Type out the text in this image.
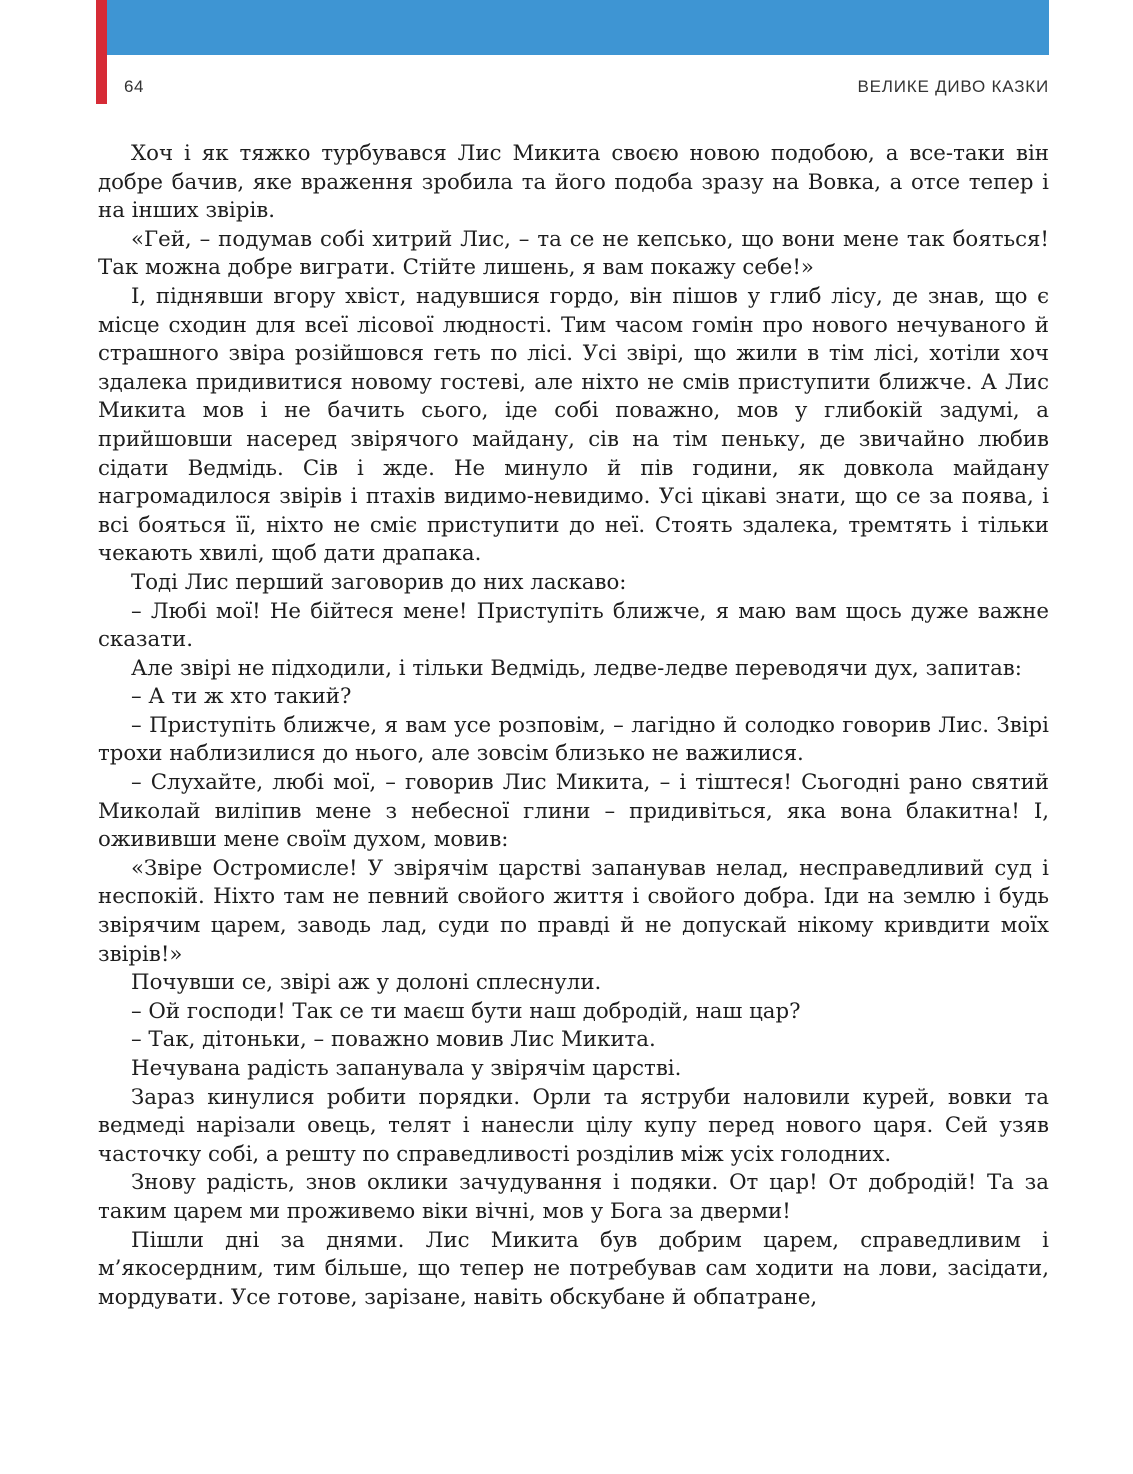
64	ВЕЛИКЕ ДИВО КАЗКИ

Хоч і як тяжко турбувався Лис Микита своєю новою подобою, а все-таки він добре бачив, яке враження зробила та його подоба зразу на Вовка, а отсе тепер і на інших звірів.

«Гей, – подумав собі хитрий Лис, – та се не кепсько, що вони мене так бояться! Так можна добре виграти. Стійте лишень, я вам покажу себе!»

І, піднявши вгору хвіст, надувшися гордо, він пішов у глиб лісу, де знав, що є місце сходин для всеї лісової людності. Тим часом гомін про нового нечуваного й страшного звіра розійшовся геть по лісі. Усі звірі, що жили в тім лісі, хотіли хоч здалека придивитися новому гостеві, але ніхто не смів приступити ближче. А Лис Микита мов і не бачить сього, іде собі поважно, мов у глибокій задумі, а прийшовши насеред звірячого майдану, сів на тім пеньку, де звичайно любив сідати Ведмідь. Сів і жде. Не минуло й пів години, як довкола майдану нагромадилося звірів і птахів видимо-невидимо. Усі цікаві знати, що се за поява, і всі бояться її, ніхто не сміє приступити до неї. Стоять здалека, тремтять і тільки чекають хвилі, щоб дати драпака.

Тоді Лис перший заговорив до них ласкаво:

– Любі мої! Не бійтеся мене! Приступіть ближче, я маю вам щось дуже важне сказати.

Але звірі не підходили, і тільки Ведмідь, ледве-ледве переводячи дух, запитав:

– А ти ж хто такий?

– Приступіть ближче, я вам усе розповім, – лагідно й солодко говорив Лис. Звірі трохи наблизилися до нього, але зовсім близько не важилися.

– Слухайте, любі мої, – говорив Лис Микита, – і тіштеся! Сьогодні рано святий Миколай виліпив мене з небесної глини – придивіться, яка вона блакитна! І, ожививши мене своїм духом, мовив:

«Звіре Остромисле! У звірячім царстві запанував нелад, несправедливий суд і неспокій. Ніхто там не певний свойого життя і свойого добра. Іди на землю і будь звірячим царем, заводь лад, суди по правді й не допускай нікому кривдити моїх звірів!»

Почувши се, звірі аж у долоні сплеснули.

– Ой господи! Так се ти маєш бути наш добродій, наш цар?

– Так, дітоньки, – поважно мовив Лис Микита.

Нечувана радість запанувала у звірячім царстві.

Зараз кинулися робити порядки. Орли та яструби наловили курей, вовки та ведмеді нарізали овець, телят і нанесли цілу купу перед нового царя. Сей узяв часточку собі, а решту по справедливості розділив між усіх голодних.

Знову радість, знов оклики зачудування і подяки. От цар! От добродій! Та за таким царем ми проживемо віки вічні, мов у Бога за дверми!

Пішли дні за днями. Лис Микита був добрим царем, справедливим і м’якосердним, тим більше, що тепер не потребував сам ходити на лови, засідати, мордувати. Усе готове, зарізане, навіть обскубане й обпатране,
